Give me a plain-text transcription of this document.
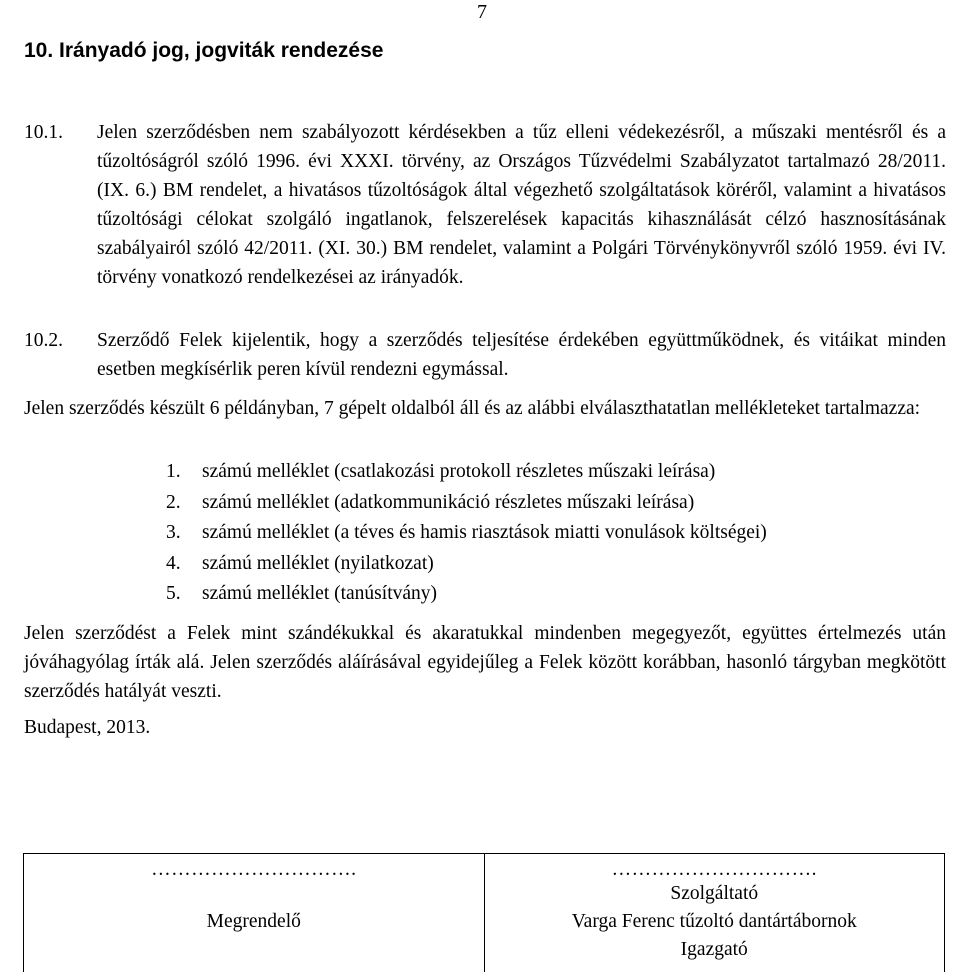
7
10. Irányadó jog, jogviták rendezése
10.1. Jelen szerződésben nem szabályozott kérdésekben a tűz elleni védekezésről, a műszaki mentésről és a tűzoltóságról szóló 1996. évi XXXI. törvény, az Országos Tűzvédelmi Szabályzatot tartalmazó 28/2011. (IX. 6.) BM rendelet, a hivatásos tűzoltóságok által végezhető szolgáltatások köréről, valamint a hivatásos tűzoltósági célokat szolgáló ingatlanok, felszerelések kapacitás kihasználását célzó hasznosításának szabályairól szóló 42/2011. (XI. 30.) BM rendelet, valamint a Polgári Törvénykönyvről szóló 1959. évi IV. törvény vonatkozó rendelkezései az irányadók.
10.2. Szerződő Felek kijelentik, hogy a szerződés teljesítése érdekében együttműködnek, és vitáikat minden esetben megkísérlik peren kívül rendezni egymással.
Jelen szerződés készült 6 példányban, 7 gépelt oldalból áll és az alábbi elválaszthatatlan mellékleteket tartalmazza:
1. számú melléklet (csatlakozási protokoll részletes műszaki leírása)
2. számú melléklet (adatkommunikáció részletes műszaki leírása)
3. számú melléklet (a téves és hamis riasztások miatti vonulások költségei)
4. számú melléklet (nyilatkozat)
5. számú melléklet (tanúsítvány)
Jelen szerződést a Felek mint szándékukkal és akaratukkal mindenben megegyezőt, együttes értelmezés után jóváhagyólag írták alá. Jelen szerződés aláírásával egyidejűleg a Felek között korábban, hasonló tárgyban megkötött szerződés hatályát veszti.
Budapest, 2013.
………………………….
Megrendelő
………………………….
Szolgáltató
Varga Ferenc tűzoltó dantártábornok
Igazgató
